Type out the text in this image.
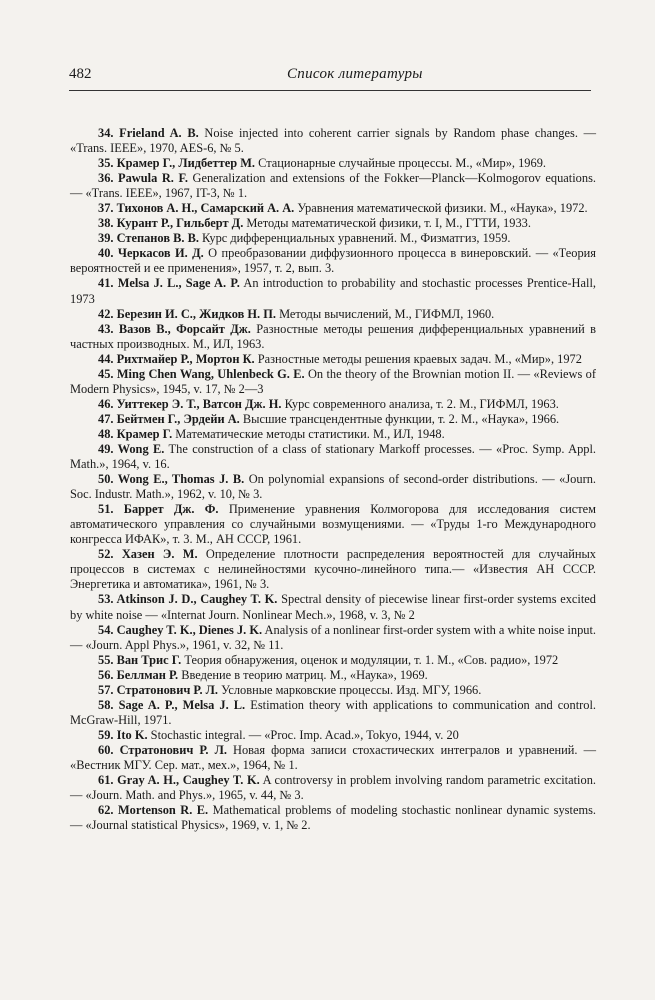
482	Список литературы

34. Frieland A. B. Noise injected into coherent carrier signals by Random phase changes. — «Trans. IEEE», 1970, AES-6, № 5.

35. Крамер Г., Лидбеттер М. Стационарные случайные процессы. М., «Мир», 1969.

36. Pawula R. F. Generalization and extensions of the Fokker—Planck—Kolmogorov equations. — «Trans. IEEE», 1967, IT-3, № 1.

37. Тихонов А. Н., Самарский А. А. Уравнения математической физики. М., «Наука», 1972.

38. Курант Р., Гильберт Д. Методы математической физики, т. I, М., ГТТИ, 1933.

39. Степанов В. В. Курс дифференциальных уравнений. М., Физматгиз, 1959.

40. Черкасов И. Д. О преобразовании диффузионного процесса в винеровский. — «Теория вероятностей и ее применения», 1957, т. 2, вып. 3.

41. Melsa J. L., Sage A. P. An introduction to probability and stochastic processes Prentice-Hall, 1973

42. Березин И. С., Жидков Н. П. Методы вычислений, М., ГИФМЛ, 1960.

43. Вазов В., Форсайт Дж. Разностные методы решения дифференциальных уравнений в частных производных. М., ИЛ, 1963.

44. Рихтмайер Р., Мортон К. Разностные методы решения краевых задач. М., «Мир», 1972

45. Ming Chen Wang, Uhlenbeck G. E. On the theory of the Brownian motion II. — «Reviews of Modern Physics», 1945, v. 17, № 2—3

46. Уиттекер Э. Т., Ватсон Дж. Н. Курс современного анализа, т. 2. М., ГИФМЛ, 1963.

47. Бейтмен Г., Эрдейи А. Высшие трансцендентные функции, т. 2. М., «Наука», 1966.

48. Крамер Г. Математические методы статистики. М., ИЛ, 1948.

49. Wong E. The construction of a class of stationary Markoff processes. — «Proc. Symp. Appl. Math.», 1964, v. 16.

50. Wong E., Thomas J. B. On polynomial expansions of second-order distributions. — «Journ. Soc. Industr. Math.», 1962, v. 10, № 3.

51. Баррет Дж. Ф. Применение уравнения Колмогорова для исследования систем автоматического управления со случайными возмущениями. — «Труды 1-го Международного конгресса ИФАК», т. 3. М., АН СССР, 1961.

52. Хазен Э. М. Определение плотности распределения вероятностей для случайных процессов в системах с нелинейностями кусочно-линейного типа.— «Известия АН СССР. Энергетика и автоматика», 1961, № 3.

53. Atkinson J. D., Caughey T. K. Spectral density of piecewise linear first-order systems excited by white noise — «Internat Journ. Nonlinear Mech.», 1968, v. 3, № 2

54. Caughey T. K., Dienes J. K. Analysis of a nonlinear first-order system with a white noise input. — «Journ. Appl Phys.», 1961, v. 32, № 11.

55. Ван Трис Г. Теория обнаружения, оценок и модуляции, т. 1. М., «Сов. радио», 1972

56. Беллман Р. Введение в теорию матриц. М., «Наука», 1969.

57. Стратонович Р. Л. Условные марковские процессы. Изд. МГУ, 1966.

58. Sage A. P., Melsa J. L. Estimation theory with applications to communication and control. McGraw-Hill, 1971.

59. Ito K. Stochastic integral. — «Proc. Imp. Acad.», Tokyo, 1944, v. 20

60. Стратонович Р. Л. Новая форма записи стохастических интегралов и уравнений. — «Вестник МГУ. Сер. мат., мех.», 1964, № 1.

61. Gray A. H., Caughey T. K. A controversy in problem involving random parametric excitation. — «Journ. Math. and Phys.», 1965, v. 44, № 3.

62. Mortenson R. E. Mathematical problems of modeling stochastic nonlinear dynamic systems. — «Journal statistical Physics», 1969, v. 1, № 2.
